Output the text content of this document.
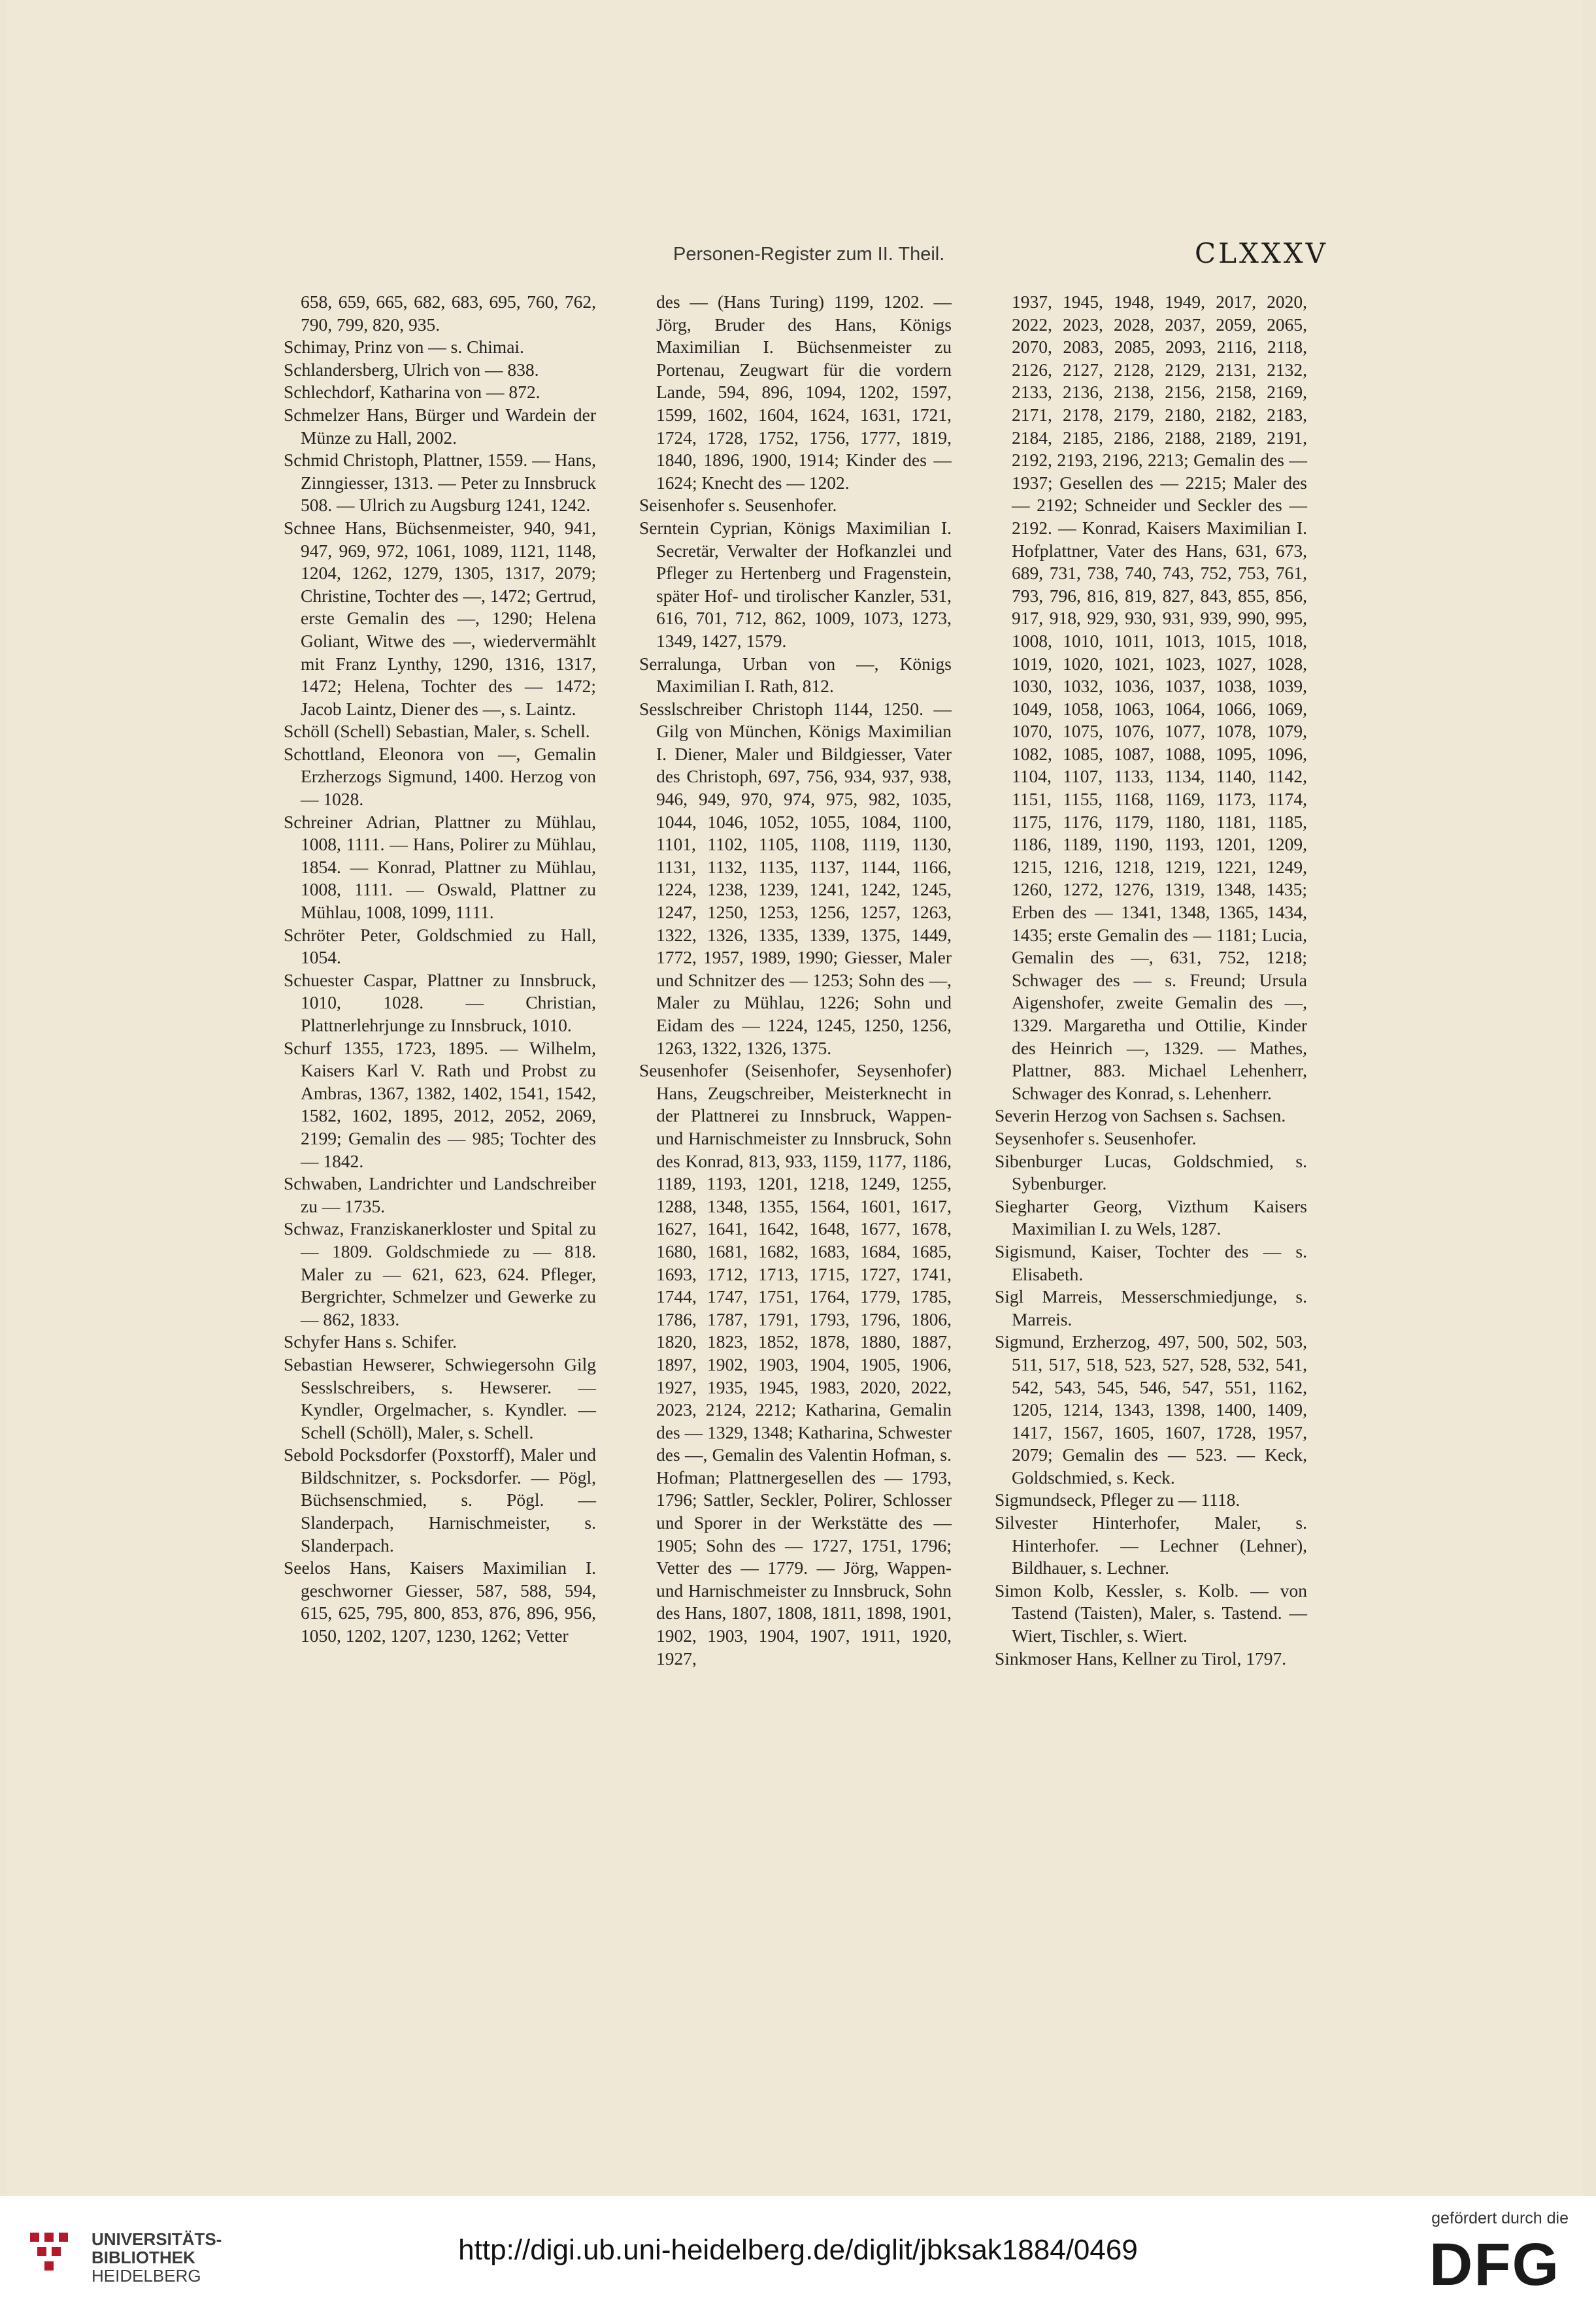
Personen-Register zum II. Theil.	CLXXXV

658, 659, 665, 682, 683, 695, 760, 762, 790, 799, 820, 935.

Schimay, Prinz von — s. Chimai.

Schlandersberg, Ulrich von — 838.

Schlechdorf, Katharina von — 872.

Schmelzer Hans, Bürger und Wardein der Münze zu Hall, 2002.

Schmid Christoph, Plattner, 1559. — Hans, Zinngiesser, 1313. — Peter zu Innsbruck 508. — Ulrich zu Augsburg 1241, 1242.

Schnee Hans, Büchsenmeister, 940, 941, 947, 969, 972, 1061, 1089, 1121, 1148, 1204, 1262, 1279, 1305, 1317, 2079; Christine, Tochter des —, 1472; Gertrud, erste Gemalin des —, 1290; Helena Goliant, Witwe des —, wiedervermählt mit Franz Lynthy, 1290, 1316, 1317, 1472; Helena, Tochter des — 1472; Jacob Laintz, Diener des —, s. Laintz.

Schöll (Schell) Sebastian, Maler, s. Schell.

Schottland, Eleonora von —, Gemalin Erzherzogs Sigmund, 1400. Herzog von — 1028.

Schreiner Adrian, Plattner zu Mühlau, 1008, 1111. — Hans, Polirer zu Mühlau, 1854. — Konrad, Plattner zu Mühlau, 1008, 1111. — Oswald, Plattner zu Mühlau, 1008, 1099, 1111.

Schröter Peter, Goldschmied zu Hall, 1054.

Schuester Caspar, Plattner zu Innsbruck, 1010, 1028. — Christian, Plattnerlehrjunge zu Innsbruck, 1010.

Schurf 1355, 1723, 1895. — Wilhelm, Kaisers Karl V. Rath und Probst zu Ambras, 1367, 1382, 1402, 1541, 1542, 1582, 1602, 1895, 2012, 2052, 2069, 2199; Gemalin des — 985; Tochter des — 1842.

Schwaben, Landrichter und Landschreiber zu — 1735.

Schwaz, Franziskanerkloster und Spital zu — 1809. Goldschmiede zu — 818. Maler zu — 621, 623, 624. Pfleger, Bergrichter, Schmelzer und Gewerke zu — 862, 1833.

Schyfer Hans s. Schifer.

Sebastian Hewserer, Schwiegersohn Gilg Sesslschreibers, s. Hewserer. — Kyndler, Orgelmacher, s. Kyndler. — Schell (Schöll), Maler, s. Schell.

Sebold Pocksdorfer (Poxstorff), Maler und Bildschnitzer, s. Pocksdorfer. — Pögl, Büchsenschmied, s. Pögl. — Slanderpach, Harnischmeister, s. Slanderpach.

Seelos Hans, Kaisers Maximilian I. geschworner Giesser, 587, 588, 594, 615, 625, 795, 800, 853, 876, 896, 956, 1050, 1202, 1207, 1230, 1262; Vetter

des — (Hans Turing) 1199, 1202. — Jörg, Bruder des Hans, Königs Maximilian I. Büchsenmeister zu Portenau, Zeugwart für die vordern Lande, 594, 896, 1094, 1202, 1597, 1599, 1602, 1604, 1624, 1631, 1721, 1724, 1728, 1752, 1756, 1777, 1819, 1840, 1896, 1900, 1914; Kinder des — 1624; Knecht des — 1202.

Seisenhofer s. Seusenhofer.

Serntein Cyprian, Königs Maximilian I. Secretär, Verwalter der Hofkanzlei und Pfleger zu Hertenberg und Fragenstein, später Hof- und tirolischer Kanzler, 531, 616, 701, 712, 862, 1009, 1073, 1273, 1349, 1427, 1579.

Serralunga, Urban von —, Königs Maximilian I. Rath, 812.

Sesslschreiber Christoph 1144, 1250. — Gilg von München, Königs Maximilian I. Diener, Maler und Bildgiesser, Vater des Christoph, 697, 756, 934, 937, 938, 946, 949, 970, 974, 975, 982, 1035, 1044, 1046, 1052, 1055, 1084, 1100, 1101, 1102, 1105, 1108, 1119, 1130, 1131, 1132, 1135, 1137, 1144, 1166, 1224, 1238, 1239, 1241, 1242, 1245, 1247, 1250, 1253, 1256, 1257, 1263, 1322, 1326, 1335, 1339, 1375, 1449, 1772, 1957, 1989, 1990; Giesser, Maler und Schnitzer des — 1253; Sohn des —, Maler zu Mühlau, 1226; Sohn und Eidam des — 1224, 1245, 1250, 1256, 1263, 1322, 1326, 1375.

Seusenhofer (Seisenhofer, Seysenhofer) Hans, Zeugschreiber, Meisterknecht in der Plattnerei zu Innsbruck, Wappen- und Harnischmeister zu Innsbruck, Sohn des Konrad, 813, 933, 1159, 1177, 1186, 1189, 1193, 1201, 1218, 1249, 1255, 1288, 1348, 1355, 1564, 1601, 1617, 1627, 1641, 1642, 1648, 1677, 1678, 1680, 1681, 1682, 1683, 1684, 1685, 1693, 1712, 1713, 1715, 1727, 1741, 1744, 1747, 1751, 1764, 1779, 1785, 1786, 1787, 1791, 1793, 1796, 1806, 1820, 1823, 1852, 1878, 1880, 1887, 1897, 1902, 1903, 1904, 1905, 1906, 1927, 1935, 1945, 1983, 2020, 2022, 2023, 2124, 2212; Katharina, Gemalin des — 1329, 1348; Katharina, Schwester des —, Gemalin des Valentin Hofman, s. Hofman; Plattnergesellen des — 1793, 1796; Sattler, Seckler, Polirer, Schlosser und Sporer in der Werkstätte des — 1905; Sohn des — 1727, 1751, 1796; Vetter des — 1779. — Jörg, Wappen- und Harnischmeister zu Innsbruck, Sohn des Hans, 1807, 1808, 1811, 1898, 1901, 1902, 1903, 1904, 1907, 1911, 1920, 1927,

1937, 1945, 1948, 1949, 2017, 2020, 2022, 2023, 2028, 2037, 2059, 2065, 2070, 2083, 2085, 2093, 2116, 2118, 2126, 2127, 2128, 2129, 2131, 2132, 2133, 2136, 2138, 2156, 2158, 2169, 2171, 2178, 2179, 2180, 2182, 2183, 2184, 2185, 2186, 2188, 2189, 2191, 2192, 2193, 2196, 2213; Gemalin des — 1937; Gesellen des — 2215; Maler des — 2192; Schneider und Seckler des — 2192. — Konrad, Kaisers Maximilian I. Hofplattner, Vater des Hans, 631, 673, 689, 731, 738, 740, 743, 752, 753, 761, 793, 796, 816, 819, 827, 843, 855, 856, 917, 918, 929, 930, 931, 939, 990, 995, 1008, 1010, 1011, 1013, 1015, 1018, 1019, 1020, 1021, 1023, 1027, 1028, 1030, 1032, 1036, 1037, 1038, 1039, 1049, 1058, 1063, 1064, 1066, 1069, 1070, 1075, 1076, 1077, 1078, 1079, 1082, 1085, 1087, 1088, 1095, 1096, 1104, 1107, 1133, 1134, 1140, 1142, 1151, 1155, 1168, 1169, 1173, 1174, 1175, 1176, 1179, 1180, 1181, 1185, 1186, 1189, 1190, 1193, 1201, 1209, 1215, 1216, 1218, 1219, 1221, 1249, 1260, 1272, 1276, 1319, 1348, 1435; Erben des — 1341, 1348, 1365, 1434, 1435; erste Gemalin des — 1181; Lucia, Gemalin des —, 631, 752, 1218; Schwager des — s. Freund; Ursula Aigenshofer, zweite Gemalin des —, 1329. Margaretha und Ottilie, Kinder des Heinrich —, 1329. — Mathes, Plattner, 883. Michael Lehenherr, Schwager des Konrad, s. Lehenherr.

Severin Herzog von Sachsen s. Sachsen.

Seysenhofer s. Seusenhofer.

Sibenburger Lucas, Goldschmied, s. Sybenburger.

Siegharter Georg, Vizthum Kaisers Maximilian I. zu Wels, 1287.

Sigismund, Kaiser, Tochter des — s. Elisabeth.

Sigl Marreis, Messerschmiedjunge, s. Marreis.

Sigmund, Erzherzog, 497, 500, 502, 503, 511, 517, 518, 523, 527, 528, 532, 541, 542, 543, 545, 546, 547, 551, 1162, 1205, 1214, 1343, 1398, 1400, 1409, 1417, 1567, 1605, 1607, 1728, 1957, 2079; Gemalin des — 523. — Keck, Goldschmied, s. Keck.

Sigmundseck, Pfleger zu — 1118.

Silvester Hinterhofer, Maler, s. Hinterhofer. — Lechner (Lehner), Bildhauer, s. Lechner.

Simon Kolb, Kessler, s. Kolb. — von Tastend (Taisten), Maler, s. Tastend. — Wiert, Tischler, s. Wiert.

Sinkmoser Hans, Kellner zu Tirol, 1797.

UNIVERSITÄTS-
BIBLIOTHEK
HEIDELBERG
http://digi.ub.uni-heidelberg.de/diglit/jbksak1884/0469
gefördert durch die
DFG
